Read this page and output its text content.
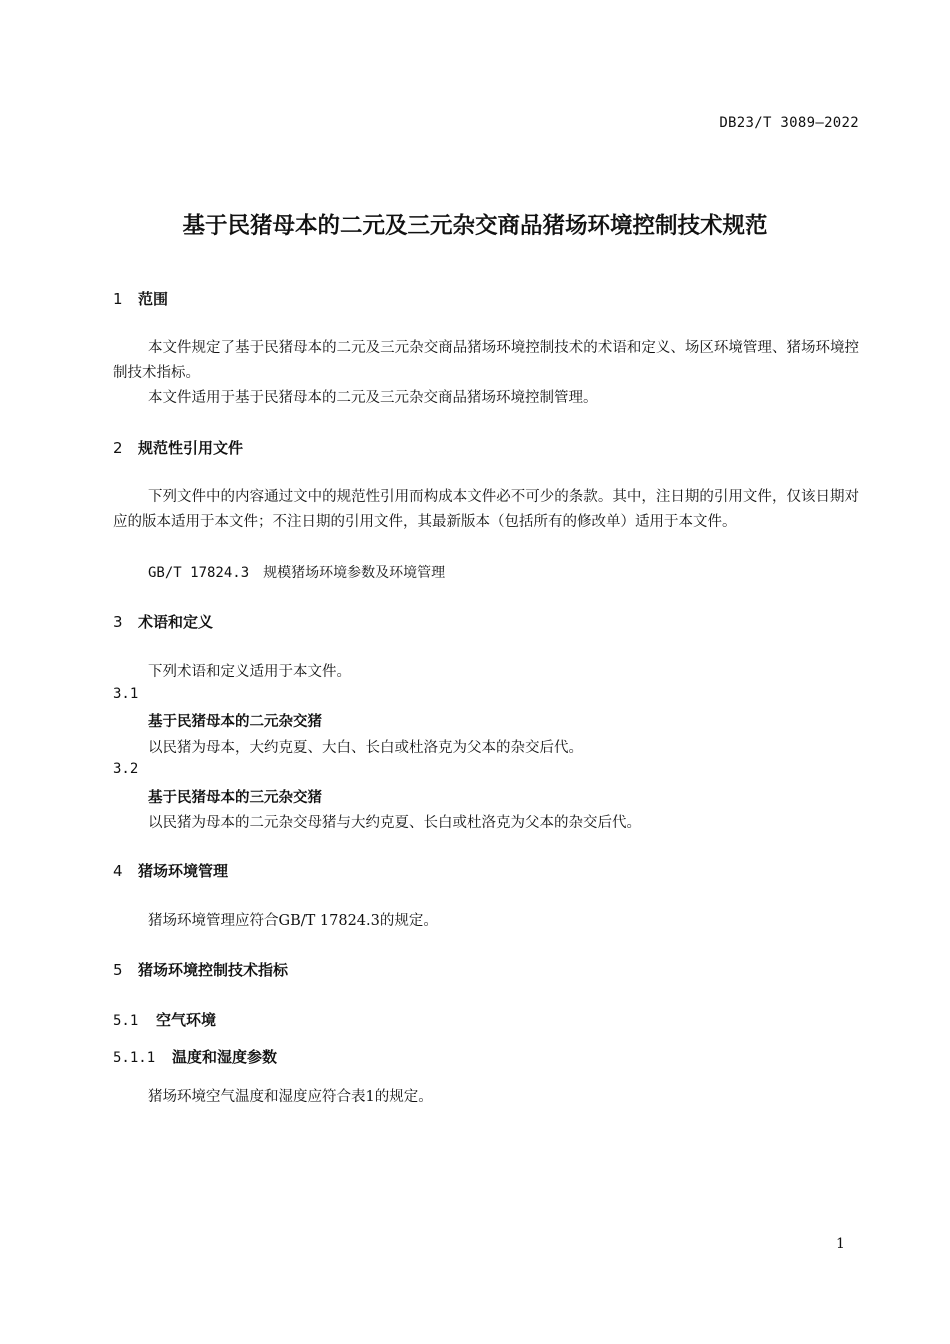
DB23/T 3089—2022
基于民猪母本的二元及三元杂交商品猪场环境控制技术规范
1 范围
本文件规定了基于民猪母本的二元及三元杂交商品猪场环境控制技术的术语和定义、场区环境管理、猪场环境控制技术指标。
本文件适用于基于民猪母本的二元及三元杂交商品猪场环境控制管理。
2 规范性引用文件
下列文件中的内容通过文中的规范性引用而构成本文件必不可少的条款。其中，注日期的引用文件，仅该日期对应的版本适用于本文件；不注日期的引用文件，其最新版本（包括所有的修改单）适用于本文件。
GB/T 17824.3　规模猪场环境参数及环境管理
3 术语和定义
下列术语和定义适用于本文件。
3.1
基于民猪母本的二元杂交猪
以民猪为母本，大约克夏、大白、长白或杜洛克为父本的杂交后代。
3.2
基于民猪母本的三元杂交猪
以民猪为母本的二元杂交母猪与大约克夏、长白或杜洛克为父本的杂交后代。
4 猪场环境管理
猪场环境管理应符合GB/T 17824.3的规定。
5 猪场环境控制技术指标
5.1 空气环境
5.1.1 温度和湿度参数
猪场环境空气温度和湿度应符合表1的规定。
1
